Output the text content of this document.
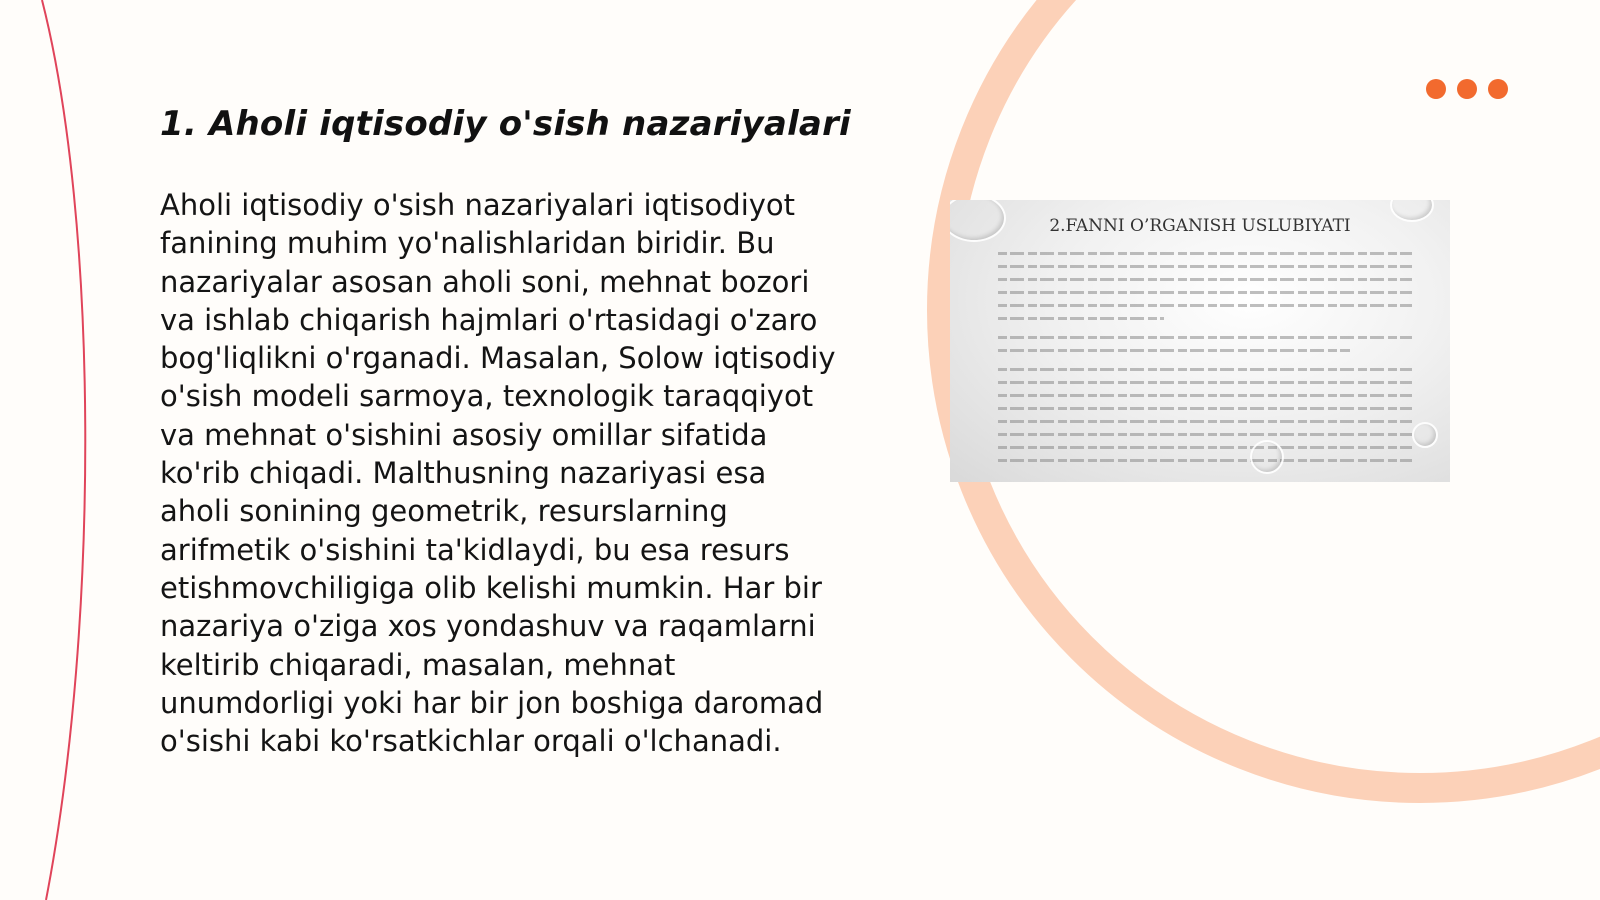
2.FANNI O’RGANISH USLUBIYATI
1. Aholi iqtisodiy o'sish nazariyalari

Aholi iqtisodiy o'sish nazariyalari iqtisodiyot fanining muhim yo'nalishlaridan biridir. Bu nazariyalar asosan aholi soni, mehnat bozori va ishlab chiqarish hajmlari o'rtasidagi o'zaro bog'liqlikni o'rganadi. Masalan, Solow iqtisodiy o'sish modeli sarmoya, texnologik taraqqiyot va mehnat o'sishini asosiy omillar sifatida ko'rib chiqadi. Malthusning nazariyasi esa aholi sonining geometrik, resurslarning arifmetik o'sishini ta'kidlaydi, bu esa resurs etishmovchiligiga olib kelishi mumkin. Har bir nazariya o'ziga xos yondashuv va raqamlarni keltirib chiqaradi, masalan, mehnat unumdorligi yoki har bir jon boshiga daromad o'sishi kabi ko'rsatkichlar orqali o'lchanadi.
